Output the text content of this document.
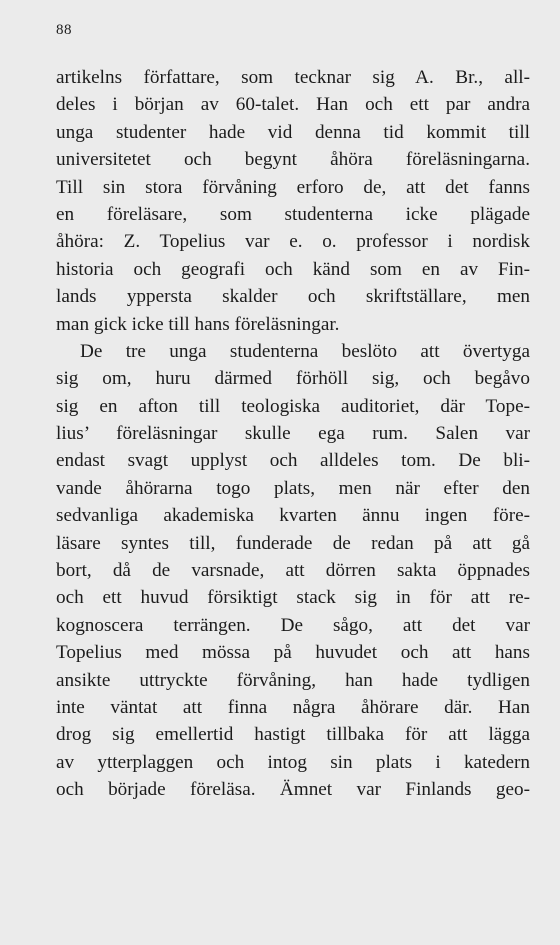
88
artikelns författare, som tecknar sig A. Br., all-
deles i början av 60-talet. Han och ett par andra
unga studenter hade vid denna tid kommit till
universitetet och begynt åhöra föreläsningarna.
Till sin stora förvåning erforo de, att det fanns
en föreläsare, som studenterna icke plägade
åhöra: Z. Topelius var e. o. professor i nordisk
historia och geografi och känd som en av Fin-
lands yppersta skalder och skriftställare, men
man gick icke till hans föreläsningar.
De tre unga studenterna beslöto att övertyga
sig om, huru därmed förhöll sig, och begåvo
sig en afton till teologiska auditoriet, där Tope-
lius’ föreläsningar skulle ega rum. Salen var
endast svagt upplyst och alldeles tom. De bli-
vande åhörarna togo plats, men när efter den
sedvanliga akademiska kvarten ännu ingen före-
läsare syntes till, funderade de redan på att gå
bort, då de varsnade, att dörren sakta öppnades
och ett huvud försiktigt stack sig in för att re-
kognoscera terrängen. De sågo, att det var
Topelius med mössa på huvudet och att hans
ansikte uttryckte förvåning, han hade tydligen
inte väntat att finna några åhörare där. Han
drog sig emellertid hastigt tillbaka för att lägga
av ytterplaggen och intog sin plats i katedern
och började föreläsa. Ämnet var Finlands geo-
